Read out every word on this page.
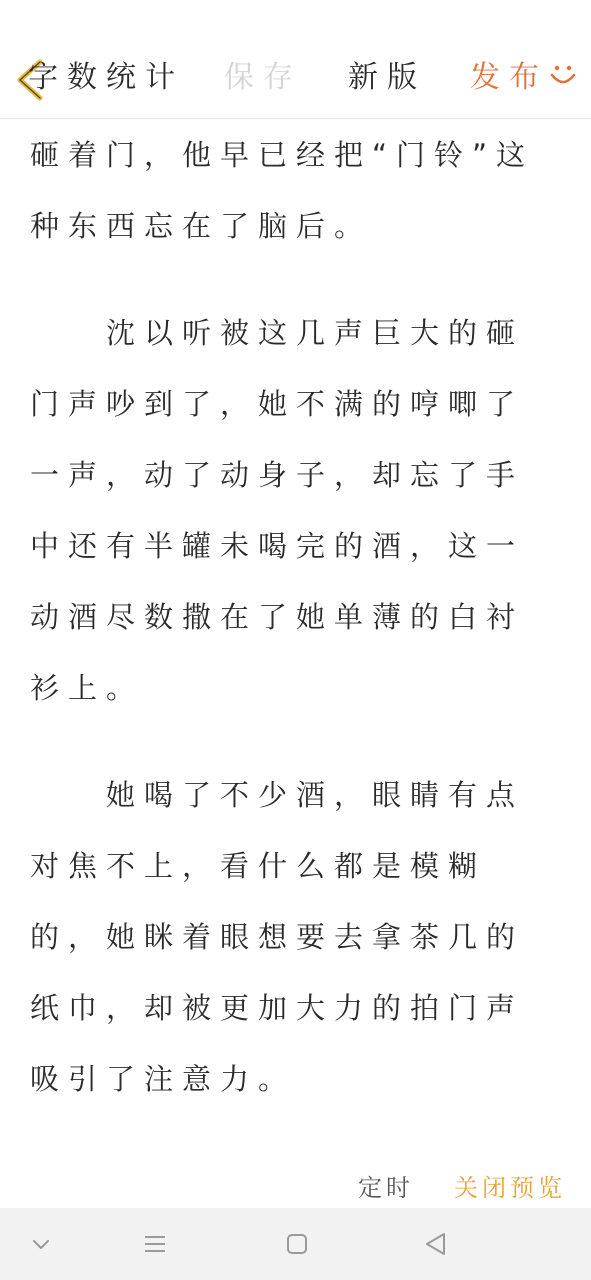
字数统计 保存 新版 发布

砸着门，他早已经把“门铃”这种东西忘在了脑后。

沈以听被这几声巨大的砸门声吵到了，她不满的哼唧了一声，动了动身子，却忘了手中还有半罐未喝完的酒，这一动酒尽数撒在了她单薄的白衬衫上。

她喝了不少酒，眼睛有点对焦不上，看什么都是模糊的，她眯着眼想要去拿茶几的纸巾，却被更加大力的拍门声吸引了注意力。

定时 关闭预览
